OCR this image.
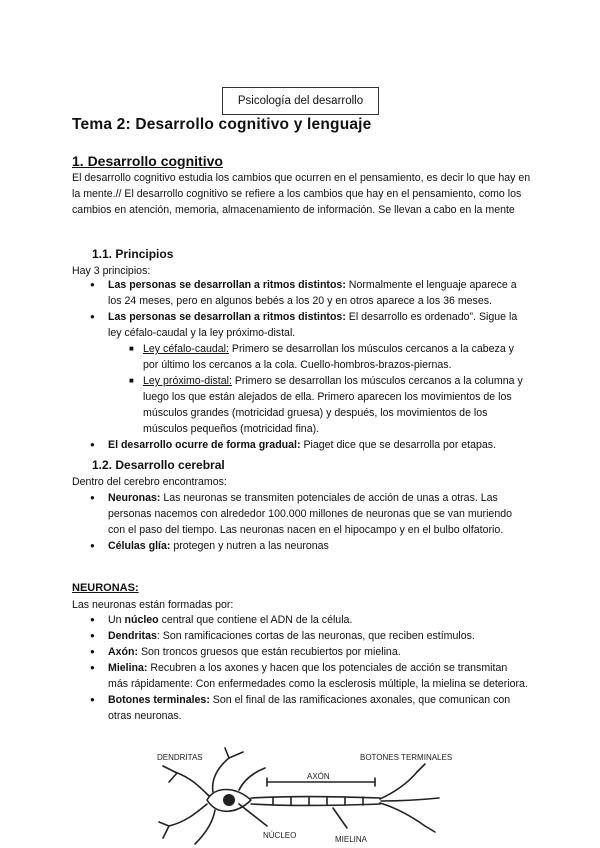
Psicología del desarrollo
Tema 2: Desarrollo cognitivo y lenguaje
1. Desarrollo cognitivo
El desarrollo cognitivo estudia los cambios que ocurren en el pensamiento, es decir lo que hay en la mente.// El desarrollo cognitivo se refiere a los cambios que hay en el pensamiento, como los cambios en atención, memoria, almacenamiento de información. Se llevan a cabo en la mente
1.1. Principios
Hay 3 principios:
● Las personas se desarrollan a ritmos distintos: Normalmente el lenguaje aparece a los 24 meses, pero en algunos bebés a los 20 y en otros aparece a los 36 meses.
● Las personas se desarrollan a ritmos distintos: El desarrollo es ordenado”. Sigue la ley céfalo-caudal y la ley próximo-distal.
■ Ley céfalo-caudal: Primero se desarrollan los músculos cercanos a la cabeza y por último los cercanos a la cola. Cuello-hombros-brazos-piernas.
■ Ley próximo-distal: Primero se desarrollan los músculos cercanos a la columna y luego los que están alejados de ella. Primero aparecen los movimientos de los músculos grandes (motricidad gruesa) y después, los movimientos de los músculos pequeños (motricidad fina).
● El desarrollo ocurre de forma gradual: Piaget dice que se desarrolla por etapas.
1.2. Desarrollo cerebral
Dentro del cerebro encontramos:
● Neuronas: Las neuronas se transmiten potenciales de acción de unas a otras. Las personas nacemos con alrededor 100.000 millones de neuronas que se van muriendo con el paso del tiempo. Las neuronas nacen en el hipocampo y en el bulbo olfatorio.
● Células glía: protegen y nutren a las neuronas
NEURONAS:
Las neuronas están formadas por:
● Un núcleo central que contiene el ADN de la célula.
● Dendritas: Son ramificaciones cortas de las neuronas, que reciben estímulos.
● Axón: Son troncos gruesos que están recubiertos por mielina.
● Mielina: Recubren a los axones y hacen que los potenciales de acción se transmitan más rápidamente: Con enfermedades como la esclerosis múltiple, la mielina se deteriora.
● Botones terminales: Son el final de las ramificaciones axonales, que comunican con otras neuronas.
DENDRITAS
AXÓN
BOTONES TERMINALES
NÚCLEO	MIELINA
